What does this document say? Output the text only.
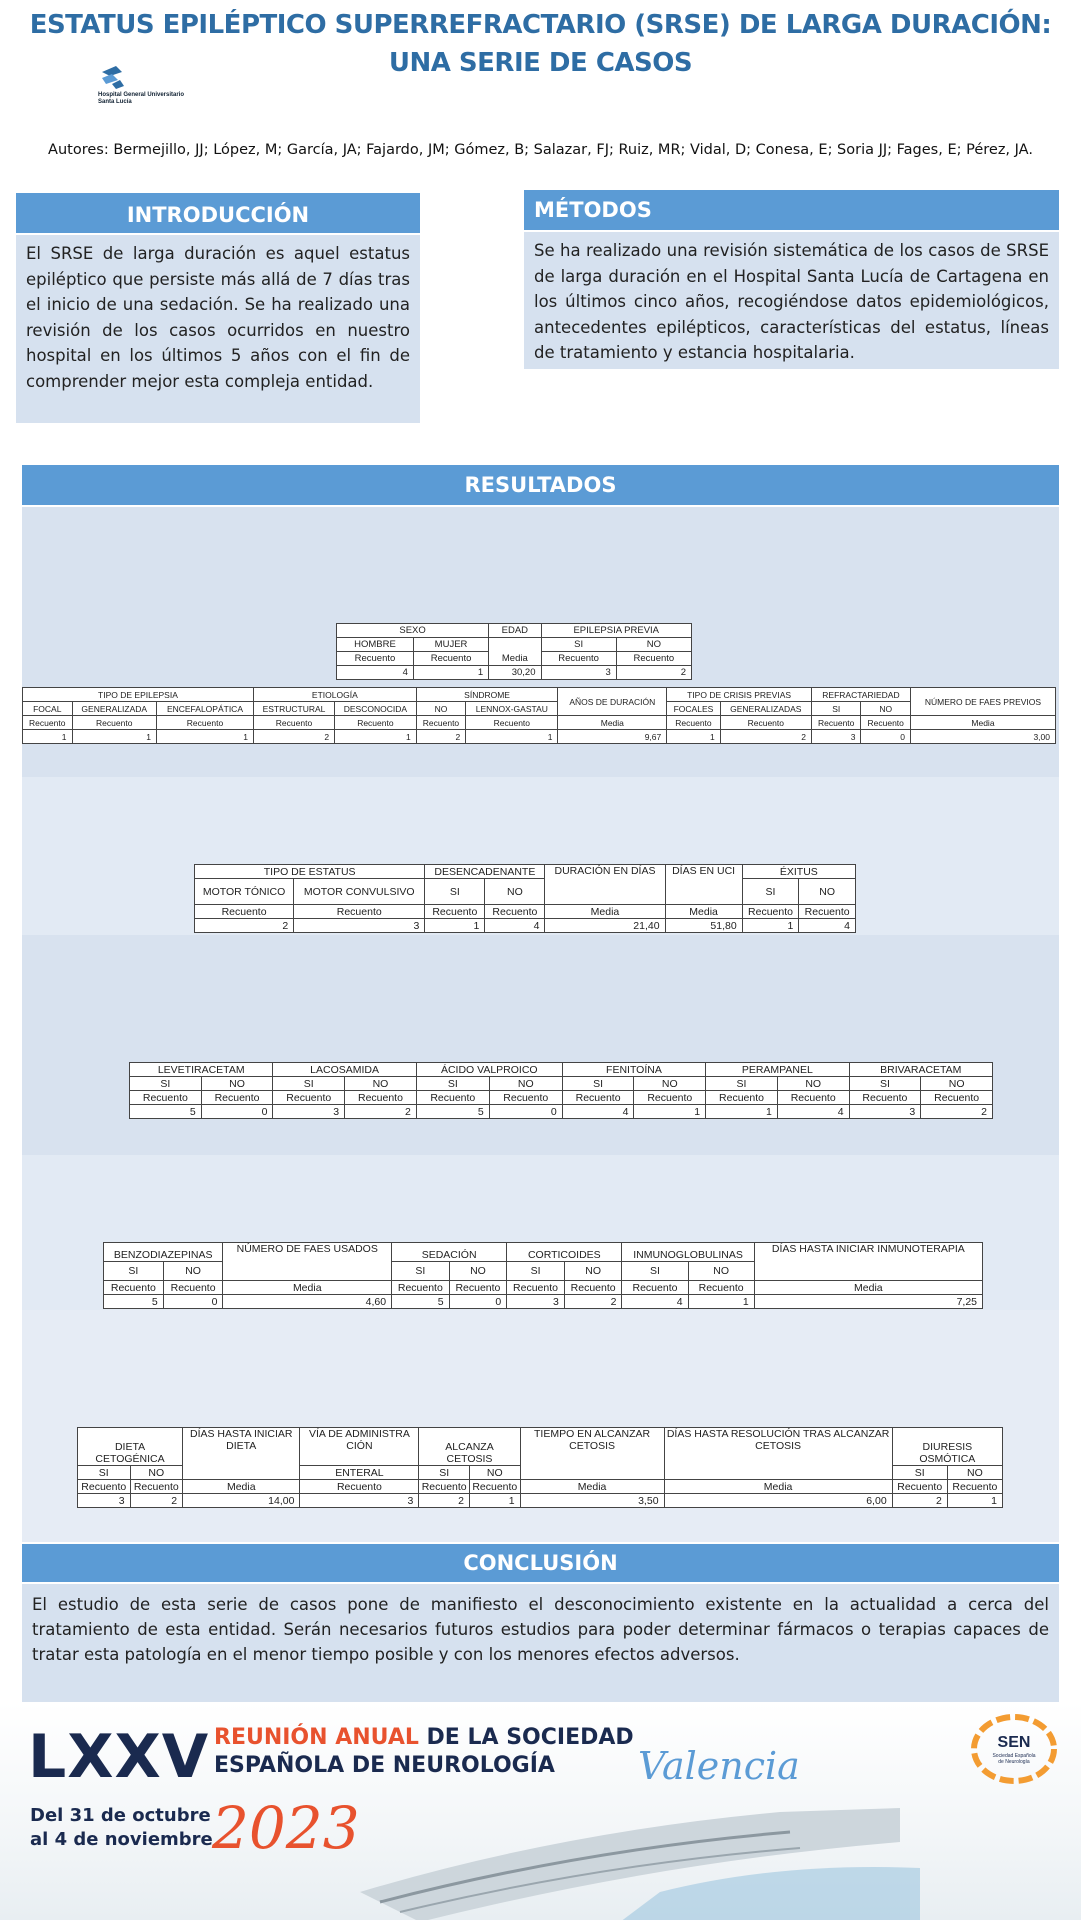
ESTATUS EPILÉPTICO SUPERREFRACTARIO (SRSE) DE LARGA DURACIÓN:
UNA SERIE DE CASOS
Hospital General Universitario
Santa Lucía
Autores: Bermejillo, JJ; López, M; García, JA; Fajardo, JM; Gómez, B; Salazar, FJ; Ruiz, MR; Vidal, D; Conesa, E; Soria JJ; Fages, E; Pérez, JA.
INTRODUCCIÓN
El SRSE de larga duración es aquel estatus epiléptico que persiste más allá de 7 días tras el inicio de una sedación. Se ha realizado una revisión de los casos ocurridos en nuestro hospital en los últimos 5 años con el fin de comprender mejor esta compleja entidad.
MÉTODOS
Se ha realizado una revisión sistemática de los casos de SRSE de larga duración en el Hospital Santa Lucía de Cartagena en los últimos cinco años, recogiéndose datos epidemiológicos, antecedentes epilépticos, características del estatus, líneas de tratamiento y estancia hospitalaria.
RESULTADOS
SEXO		EDAD	EPILEPSIA PREVIA	
HOMBRE	MUJER	Media	SI	NO
Recuento	Recuento		Recuento	Recuento
4	1	30,20	3	2
TIPO DE EPILEPSIA			ETIOLOGÍA		SÍNDROME		AÑOS DE DURACIÓN	TIPO DE CRISIS PREVIAS		REFRACTARIEDAD		NÚMERO DE FAES PREVIOS
FOCAL	GENERALIZADA	ENCEFALOPÁTICA	ESTRUCTURAL	DESCONOCIDA	NO	LENNOX-GASTAU		FOCALES	GENERALIZADAS	SI	NO	
Recuento	Recuento	Recuento	Recuento	Recuento	Recuento	Recuento	Media	Recuento	Recuento	Recuento	Recuento	Media
1	1	1	2	1	2	1	9,67	1	2	3	0	3,00
TIPO DE ESTATUS		DESENCADENANTE		DURACIÓN EN DÍAS	DÍAS EN UCI	ÉXITUS	
MOTOR TÓNICO	MOTOR CONVULSIVO	SI	NO			SI	NO
Recuento	Recuento	Recuento	Recuento	Media	Media	Recuento	Recuento
2	3	1	4	21,40	51,80	1	4
LEVETIRACETAM		LACOSAMIDA		ÁCIDO VALPROICO		FENITOÍNA		PERAMPANEL		BRIVARACETAM	
SI	NO	SI	NO	SI	NO	SI	NO	SI	NO	SI	NO
Recuento	Recuento	Recuento	Recuento	Recuento	Recuento	Recuento	Recuento	Recuento	Recuento	Recuento	Recuento
5	0	3	2	5	0	4	1	1	4	3	2
BENZODIAZEPINAS		NÚMERO DE FAES USADOS	SEDACIÓN		CORTICOIDES		INMUNOGLOBULINAS		DÍAS HASTA INICIAR INMUNOTERAPIA
SI	NO		SI	NO	SI	NO	SI	NO	
Recuento	Recuento	Media	Recuento	Recuento	Recuento	Recuento	Recuento	Recuento	Media
5	0	4,60	5	0	3	2	4	1	7,25
DIETA CETOGÉNICA		DÍAS HASTA INICIAR DIETA	VÍA DE ADMINISTRA CIÓN	ALCANZA CETOSIS		TIEMPO EN ALCANZAR CETOSIS	DÍAS HASTA RESOLUCIÓN TRAS ALCANZAR CETOSIS	DIURESIS OSMÓTICA	
SI	NO		ENTERAL	SI	NO			SI	NO
Recuento	Recuento	Media	Recuento	Recuento	Recuento	Media	Media	Recuento	Recuento
3	2	14,00	3	2	1	3,50	6,00	2	1
CONCLUSIÓN
El estudio de esta serie de casos pone de manifiesto el desconocimiento existente en la actualidad a cerca del tratamiento de esta entidad. Serán necesarios futuros estudios para poder determinar fármacos o terapias capaces de tratar esta patología en el menor tiempo posible y con los menores efectos adversos.
LXXV REUNIÓN ANUAL DE LA SOCIEDAD
ESPAÑOLA DE NEUROLOGÍA
Del 31 de octubre
al 4 de noviembre 2023
Valencia
SEN
Sociedad Española
de Neurología
